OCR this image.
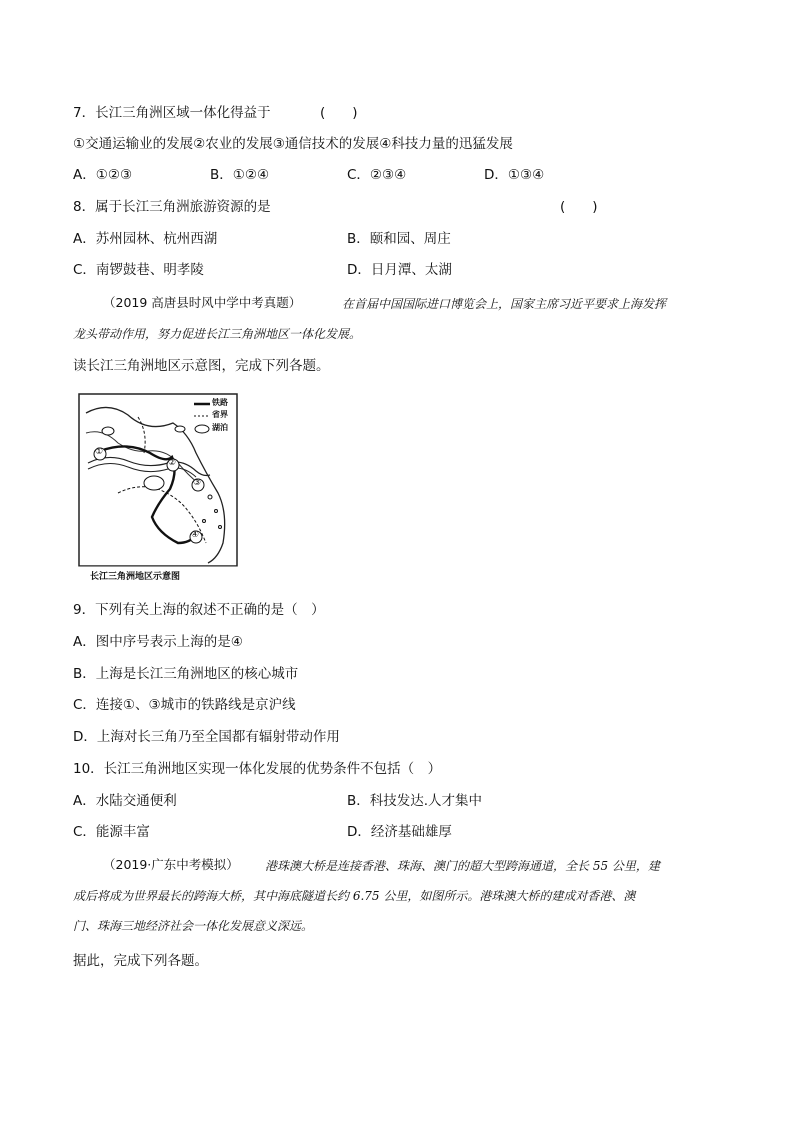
7．长江三角洲区域一体化得益于	(　　)
①交通运输业的发展②农业的发展③通信技术的发展④科技力量的迅猛发展
A．①②③	B．①②④	C．②③④	D．①③④
8．属于长江三角洲旅游资源的是	(　　)
A．苏州园林、杭州西湖	B．颐和园、周庄
C．南锣鼓巷、明孝陵	D．日月潭、太湖
（2019 高唐县时风中学中考真题）	在首届中国国际进口博览会上，国家主席习近平要求上海发挥
龙头带动作用，努力促进长江三角洲地区一体化发展。
读长江三角洲地区示意图，完成下列各题。
铁路
省界
湖泊
①
②
③
④
长江三角洲地区示意图
9．下列有关上海的叙述不正确的是（　）
A．图中序号表示上海的是④
B．上海是长江三角洲地区的核心城市
C．连接①、③城市的铁路线是京沪线
D．上海对长三角乃至全国都有辐射带动作用
10．长江三角洲地区实现一体化发展的优势条件不包括（　）
A．水陆交通便利	B．科技发达.人才集中
C．能源丰富	D．经济基础雄厚
（2019·广东中考模拟） 港珠澳大桥是连接香港、珠海、澳门的超大型跨海通道，全长 55 公里，建
成后将成为世界最长的跨海大桥，其中海底隧道长约 6.75 公里，如图所示。港珠澳大桥的建成对香港、澳
门、珠海三地经济社会一体化发展意义深远。
据此，完成下列各题。
